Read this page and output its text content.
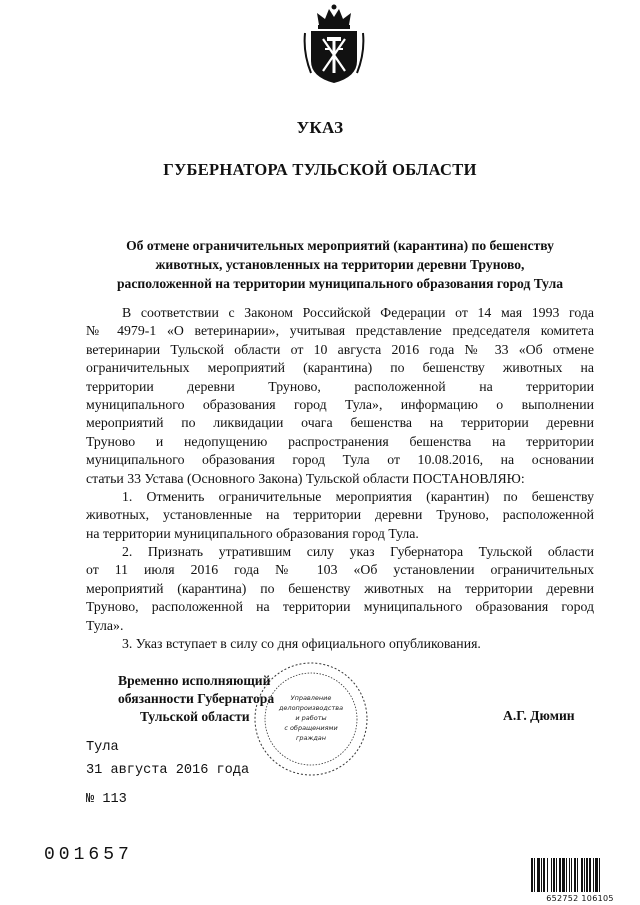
УКАЗ
ГУБЕРНАТОРА ТУЛЬСКОЙ ОБЛАСТИ
Об отмене ограничительных мероприятий (карантина) по бешенству
животных, установленных на территории деревни Труново,
расположенной на территории муниципального образования город Тула
В соответствии с Законом Российской Федерации от 14 мая 1993 года
№ 4979-1 «О ветеринарии», учитывая представление председателя комитета
ветеринарии Тульской области от 10 августа 2016 года № 33 «Об отмене
ограничительных мероприятий (карантина) по бешенству животных на
территории деревни Труново, расположенной на территории
муниципального образования город Тула», информацию о выполнении
мероприятий по ликвидации очага бешенства на территории деревни
Труново и недопущению распространения бешенства на территории
муниципального образования город Тула от 10.08.2016, на основании
статьи 33 Устава (Основного Закона) Тульской области ПОСТАНОВЛЯЮ:
1. Отменить ограничительные мероприятия (карантин) по бешенству
животных, установленные на территории деревни Труново, расположенной
на территории муниципального образования город Тула.
2. Признать утратившим силу указ Губернатора Тульской области
от 11 июля 2016 года № 103 «Об установлении ограничительных
мероприятий (карантина) по бешенству животных на территории деревни
Труново, расположенной на территории муниципального образования город
Тула».
3. Указ вступает в силу со дня официального опубликования.
Временно исполняющий
обязанности Губернатора
Тульской области	А.Г. Дюмин
Управление
делопроизводства
и работы
с обращениями
граждан
Тула
31 августа 2016 года
№ 113
001657
652752 106105
